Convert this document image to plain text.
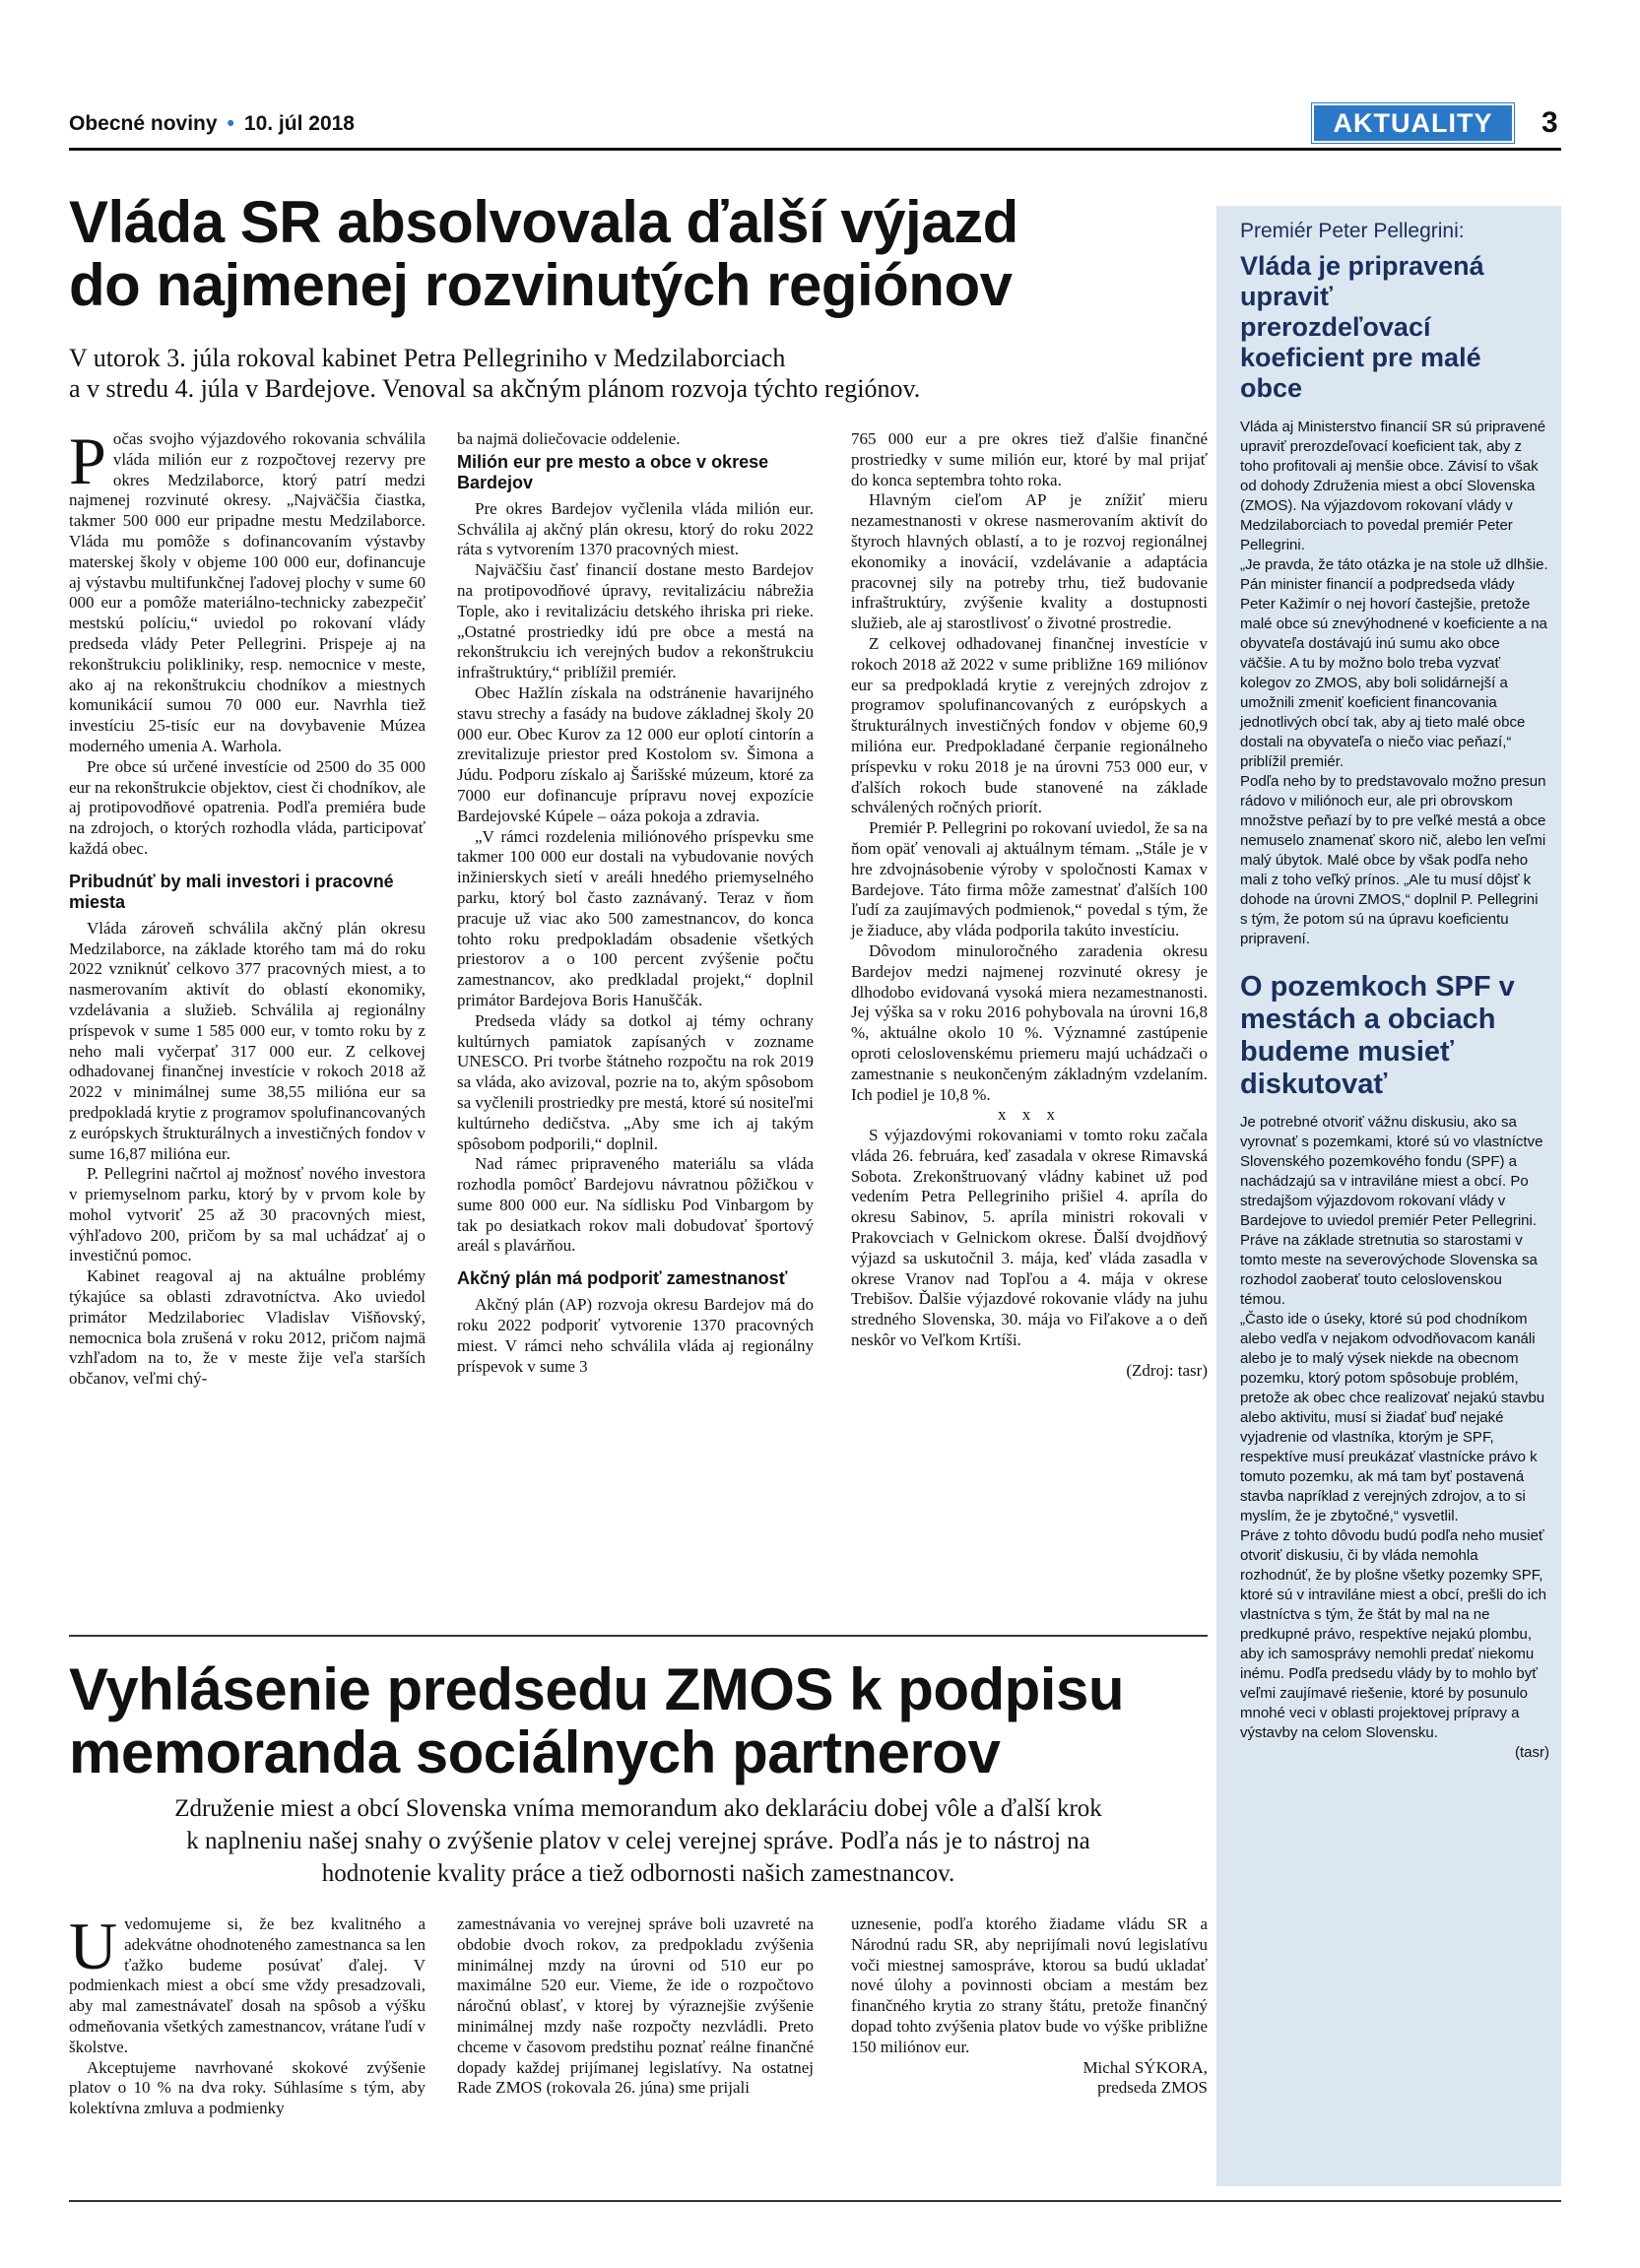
Obecné noviny • 10. júl 2018	AKTUALITY	3
Vláda SR absolvovala ďalší výjazd
do najmenej rozvinutých regiónov
V utorok 3. júla rokoval kabinet Petra Pellegriniho v Medzilaborciach
a v stredu 4. júla v Bardejove. Venoval sa akčným plánom rozvoja týchto regiónov.

Počas svojho výjazdového rokovania schválila vláda milión eur z rozpočtovej rezervy pre okres Medzilaborce, ktorý patrí medzi najmenej rozvinuté okresy. „Najväčšia čiastka, takmer 500 000 eur pripadne mestu Medzilaborce. Vláda mu pomôže s dofinancovaním výstavby materskej školy v objeme 100 000 eur, dofinancuje aj výstavbu multifunkčnej ľadovej plochy v sume 60 000 eur a pomôže materiálno-technicky zabezpečiť mestskú políciu,“ uviedol po rokovaní vlády predseda vlády Peter Pellegrini. Prispeje aj na rekonštrukciu polikliniky, resp. nemocnice v meste, ako aj na rekonštrukciu chodníkov a miestnych komunikácií sumou 70 000 eur. Navrhla tiež investíciu 25-tisíc eur na dovybavenie Múzea moderného umenia A. Warhola.

Pre obce sú určené investície od 2500 do 35 000 eur na rekonštrukcie objektov, ciest či chodníkov, ale aj protipovodňové opatrenia. Podľa premiéra bude na zdrojoch, o ktorých rozhodla vláda, participovať každá obec.

Pribudnúť by mali investori i pracovné miesta

Vláda zároveň schválila akčný plán okresu Medzilaborce, na základe ktorého tam má do roku 2022 vzniknúť celkovo 377 pracovných miest, a to nasmerovaním aktivít do oblastí ekonomiky, vzdelávania a služieb. Schválila aj regionálny príspevok v sume 1 585 000 eur, v tomto roku by z neho mali vyčerpať 317 000 eur. Z celkovej odhadovanej finančnej investície v rokoch 2018 až 2022 v minimálnej sume 38,55 milióna eur sa predpokladá krytie z programov spolufinancovaných z európskych štrukturálnych a investičných fondov v sume 16,87 milióna eur.

P. Pellegrini načrtol aj možnosť nového investora v priemyselnom parku, ktorý by v prvom kole by mohol vytvoriť 25 až 30 pracovných miest, výhľadovo 200, pričom by sa mal uchádzať aj o investičnú pomoc.

Kabinet reagoval aj na aktuálne problémy týkajúce sa oblasti zdravotníctva. Ako uviedol primátor Medzilaboriec Vladislav Višňovský, nemocnica bola zrušená v roku 2012, pričom najmä vzhľadom na to, že v meste žije veľa starších občanov, veľmi chý-

ba najmä doliečovacie oddelenie.

Milión eur pre mesto a obce v okrese Bardejov

Pre okres Bardejov vyčlenila vláda milión eur. Schválila aj akčný plán okresu, ktorý do roku 2022 ráta s vytvorením 1370 pracovných miest.

Najväčšiu časť financií dostane mesto Bardejov na protipovodňové úpravy, revitalizáciu nábrežia Tople, ako i revitalizáciu detského ihriska pri rieke. „Ostatné prostriedky idú pre obce a mestá na rekonštrukciu ich verejných budov a rekonštrukciu infraštruktúry,“ priblížil premiér.

Obec Hažlín získala na odstránenie havarijného stavu strechy a fasády na budove základnej školy 20 000 eur. Obec Kurov za 12 000 eur oplotí cintorín a zrevitalizuje priestor pred Kostolom sv. Šimona a Júdu. Podporu získalo aj Šarišské múzeum, ktoré za 7000 eur dofinancuje prípravu novej expozície Bardejovské Kúpele – oáza pokoja a zdravia.

„V rámci rozdelenia miliónového príspevku sme takmer 100 000 eur dostali na vybudovanie nových inžinierskych sietí v areáli hnedého priemyselného parku, ktorý bol často zaznávaný. Teraz v ňom pracuje už viac ako 500 zamestnancov, do konca tohto roku predpokladám obsadenie všetkých priestorov a o 100 percent zvýšenie počtu zamestnancov, ako predkladal projekt,“ doplnil primátor Bardejova Boris Hanuščák.

Predseda vlády sa dotkol aj témy ochrany kultúrnych pamiatok zapísaných v zozname UNESCO. Pri tvorbe štátneho rozpočtu na rok 2019 sa vláda, ako avizoval, pozrie na to, akým spôsobom sa vyčlenili prostriedky pre mestá, ktoré sú nositeľmi kultúrneho dedičstva. „Aby sme ich aj takým spôsobom podporili,“ doplnil.

Nad rámec pripraveného materiálu sa vláda rozhodla pomôcť Bardejovu návratnou pôžičkou v sume 800 000 eur. Na sídlisku Pod Vinbargom by tak po desiatkach rokov mali dobudovať športový areál s plavárňou.

Akčný plán má podporiť zamestnanosť

Akčný plán (AP) rozvoja okresu Bardejov má do roku 2022 podporiť vytvorenie 1370 pracovných miest. V rámci neho schválila vláda aj regionálny príspevok v sume 3

765 000 eur a pre okres tiež ďalšie finančné prostriedky v sume milión eur, ktoré by mal prijať do konca septembra tohto roka.

Hlavným cieľom AP je znížiť mieru nezamestnanosti v okrese nasmerovaním aktivít do štyroch hlavných oblastí, a to je rozvoj regionálnej ekonomiky a inovácií, vzdelávanie a adaptácia pracovnej sily na potreby trhu, tiež budovanie infraštruktúry, zvýšenie kvality a dostupnosti služieb, ale aj starostlivosť o životné prostredie.

Z celkovej odhadovanej finančnej investície v rokoch 2018 až 2022 v sume približne 169 miliónov eur sa predpokladá krytie z verejných zdrojov z programov spolufinancovaných z európskych a štrukturálnych investičných fondov v objeme 60,9 milióna eur. Predpokladané čerpanie regionálneho príspevku v roku 2018 je na úrovni 753 000 eur, v ďalších rokoch bude stanovené na základe schválených ročných priorít.

Premiér P. Pellegrini po rokovaní uviedol, že sa na ňom opäť venovali aj aktuálnym témam. „Stále je v hre zdvojnásobenie výroby v spoločnosti Kamax v Bardejove. Táto firma môže zamestnať ďalších 100 ľudí za zaujímavých podmienok,“ povedal s tým, že je žiaduce, aby vláda podporila takúto investíciu.

Dôvodom minuloročného zaradenia okresu Bardejov medzi najmenej rozvinuté okresy je dlhodobo evidovaná vysoká miera nezamestnanosti. Jej výška sa v roku 2016 pohybovala na úrovni 16,8 %, aktuálne okolo 10 %. Významné zastúpenie oproti celoslovenskému priemeru majú uchádzači o zamestnanie s neukončeným základným vzdelaním. Ich podiel je 10,8 %.

x x x

S výjazdovými rokovaniami v tomto roku začala vláda 26. februára, keď zasadala v okrese Rimavská Sobota. Zrekonštruovaný vládny kabinet už pod vedením Petra Pellegriniho prišiel 4. apríla do okresu Sabinov, 5. apríla ministri rokovali v Prakovciach v Gelnickom okrese. Ďalší dvojdňový výjazd sa uskutočnil 3. mája, keď vláda zasadla v okrese Vranov nad Topľou a 4. mája v okrese Trebišov. Ďalšie výjazdové rokovanie vlády na juhu stredného Slovenska, 30. mája vo Fiľakove a o deň neskôr vo Veľkom Krtíši.

(Zdroj: tasr)

Premiér Peter Pellegrini:
Vláda je pripravená upraviť prerozdeľovací koeficient pre malé obce

Vláda aj Ministerstvo financií SR sú pripravené upraviť prerozdeľovací koeficient tak, aby z toho profitovali aj menšie obce. Závisí to však od dohody Združenia miest a obcí Slovenska (ZMOS). Na výjazdovom rokovaní vlády v Medzilaborciach to povedal premiér Peter Pellegrini.

„Je pravda, že táto otázka je na stole už dlhšie. Pán minister financií a podpredseda vlády Peter Kažimír o nej hovorí častejšie, pretože malé obce sú znevýhodnené v koeficiente a na obyvateľa dostávajú inú sumu ako obce väčšie. A tu by možno bolo treba vyzvať kolegov zo ZMOS, aby boli solidárnejší a umožnili zmeniť koeficient financovania jednotlivých obcí tak, aby aj tieto malé obce dostali na obyvateľa o niečo viac peňazí,“ priblížil premiér.

Podľa neho by to predstavovalo možno presun rádovo v miliónoch eur, ale pri obrovskom množstve peňazí by to pre veľké mestá a obce nemuselo znamenať skoro nič, alebo len veľmi malý úbytok. Malé obce by však podľa neho mali z toho veľký prínos. „Ale tu musí dôjsť k dohode na úrovni ZMOS,“ doplnil P. Pellegrini s tým, že potom sú na úpravu koeficientu pripravení.

O pozemkoch SPF v mestách a obciach budeme musieť diskutovať

Je potrebné otvoriť vážnu diskusiu, ako sa vyrovnať s pozemkami, ktoré sú vo vlastníctve Slovenského pozemkového fondu (SPF) a nachádzajú sa v intraviláne miest a obcí. Po stredajšom výjazdovom rokovaní vlády v Bardejove to uviedol premiér Peter Pellegrini. Práve na základe stretnutia so starostami v tomto meste na severovýchode Slovenska sa rozhodol zaoberať touto celoslovenskou témou.

„Často ide o úseky, ktoré sú pod chodníkom alebo vedľa v nejakom odvodňovacom kanáli alebo je to malý výsek niekde na obecnom pozemku, ktorý potom spôsobuje problém, pretože ak obec chce realizovať nejakú stavbu alebo aktivitu, musí si žiadať buď nejaké vyjadrenie od vlastníka, ktorým je SPF, respektíve musí preukázať vlastnícke právo k tomuto pozemku, ak má tam byť postavená stavba napríklad z verejných zdrojov, a to si myslím, že je zbytočné,“ vysvetlil.

Práve z tohto dôvodu budú podľa neho musieť otvoriť diskusiu, či by vláda nemohla rozhodnúť, že by plošne všetky pozemky SPF, ktoré sú v intraviláne miest a obcí, prešli do ich vlastníctva s tým, že štát by mal na ne predkupné právo, respektíve nejakú plombu, aby ich samosprávy nemohli predať niekomu inému. Podľa predsedu vlády by to mohlo byť veľmi zaujímavé riešenie, ktoré by posunulo mnohé veci v oblasti projektovej prípravy a výstavby na celom Slovensku.

(tasr)

Vyhlásenie predsedu ZMOS k podpisu
memoranda sociálnych partnerov
Združenie miest a obcí Slovenska vníma memorandum ako deklaráciu dobej vôle a ďalší krok
k naplneniu našej snahy o zvýšenie platov v celej verejnej správe. Podľa nás je to nástroj na
hodnotenie kvality práce a tiež odbornosti našich zamestnancov.

Uvedomujeme si, že bez kvalitného a adekvátne ohodnoteného zamestnanca sa len ťažko budeme posúvať ďalej. V podmienkach miest a obcí sme vždy presadzovali, aby mal zamestnávateľ dosah na spôsob a výšku odmeňovania všetkých zamestnancov, vrátane ľudí v školstve.

Akceptujeme navrhované skokové zvýšenie platov o 10 % na dva roky. Súhlasíme s tým, aby kolektívna zmluva a podmienky

zamestnávania vo verejnej správe boli uzavreté na obdobie dvoch rokov, za predpokladu zvýšenia minimálnej mzdy na úrovni od 510 eur po maximálne 520 eur. Vieme, že ide o rozpočtovo náročnú oblasť, v ktorej by výraznejšie zvýšenie minimálnej mzdy naše rozpočty nezvládli. Preto chceme v časovom predstihu poznať reálne finančné dopady každej prijímanej legislatívy. Na ostatnej Rade ZMOS (rokovala 26. júna) sme prijali

uznesenie, podľa ktorého žiadame vládu SR a Národnú radu SR, aby neprijímali novú legislatívu voči miestnej samospráve, ktorou sa budú ukladať nové úlohy a povinnosti obciam a mestám bez finančného krytia zo strany štátu, pretože finančný dopad tohto zvýšenia platov bude vo výške približne 150 miliónov eur.

Michal SÝKORA,

predseda ZMOS
